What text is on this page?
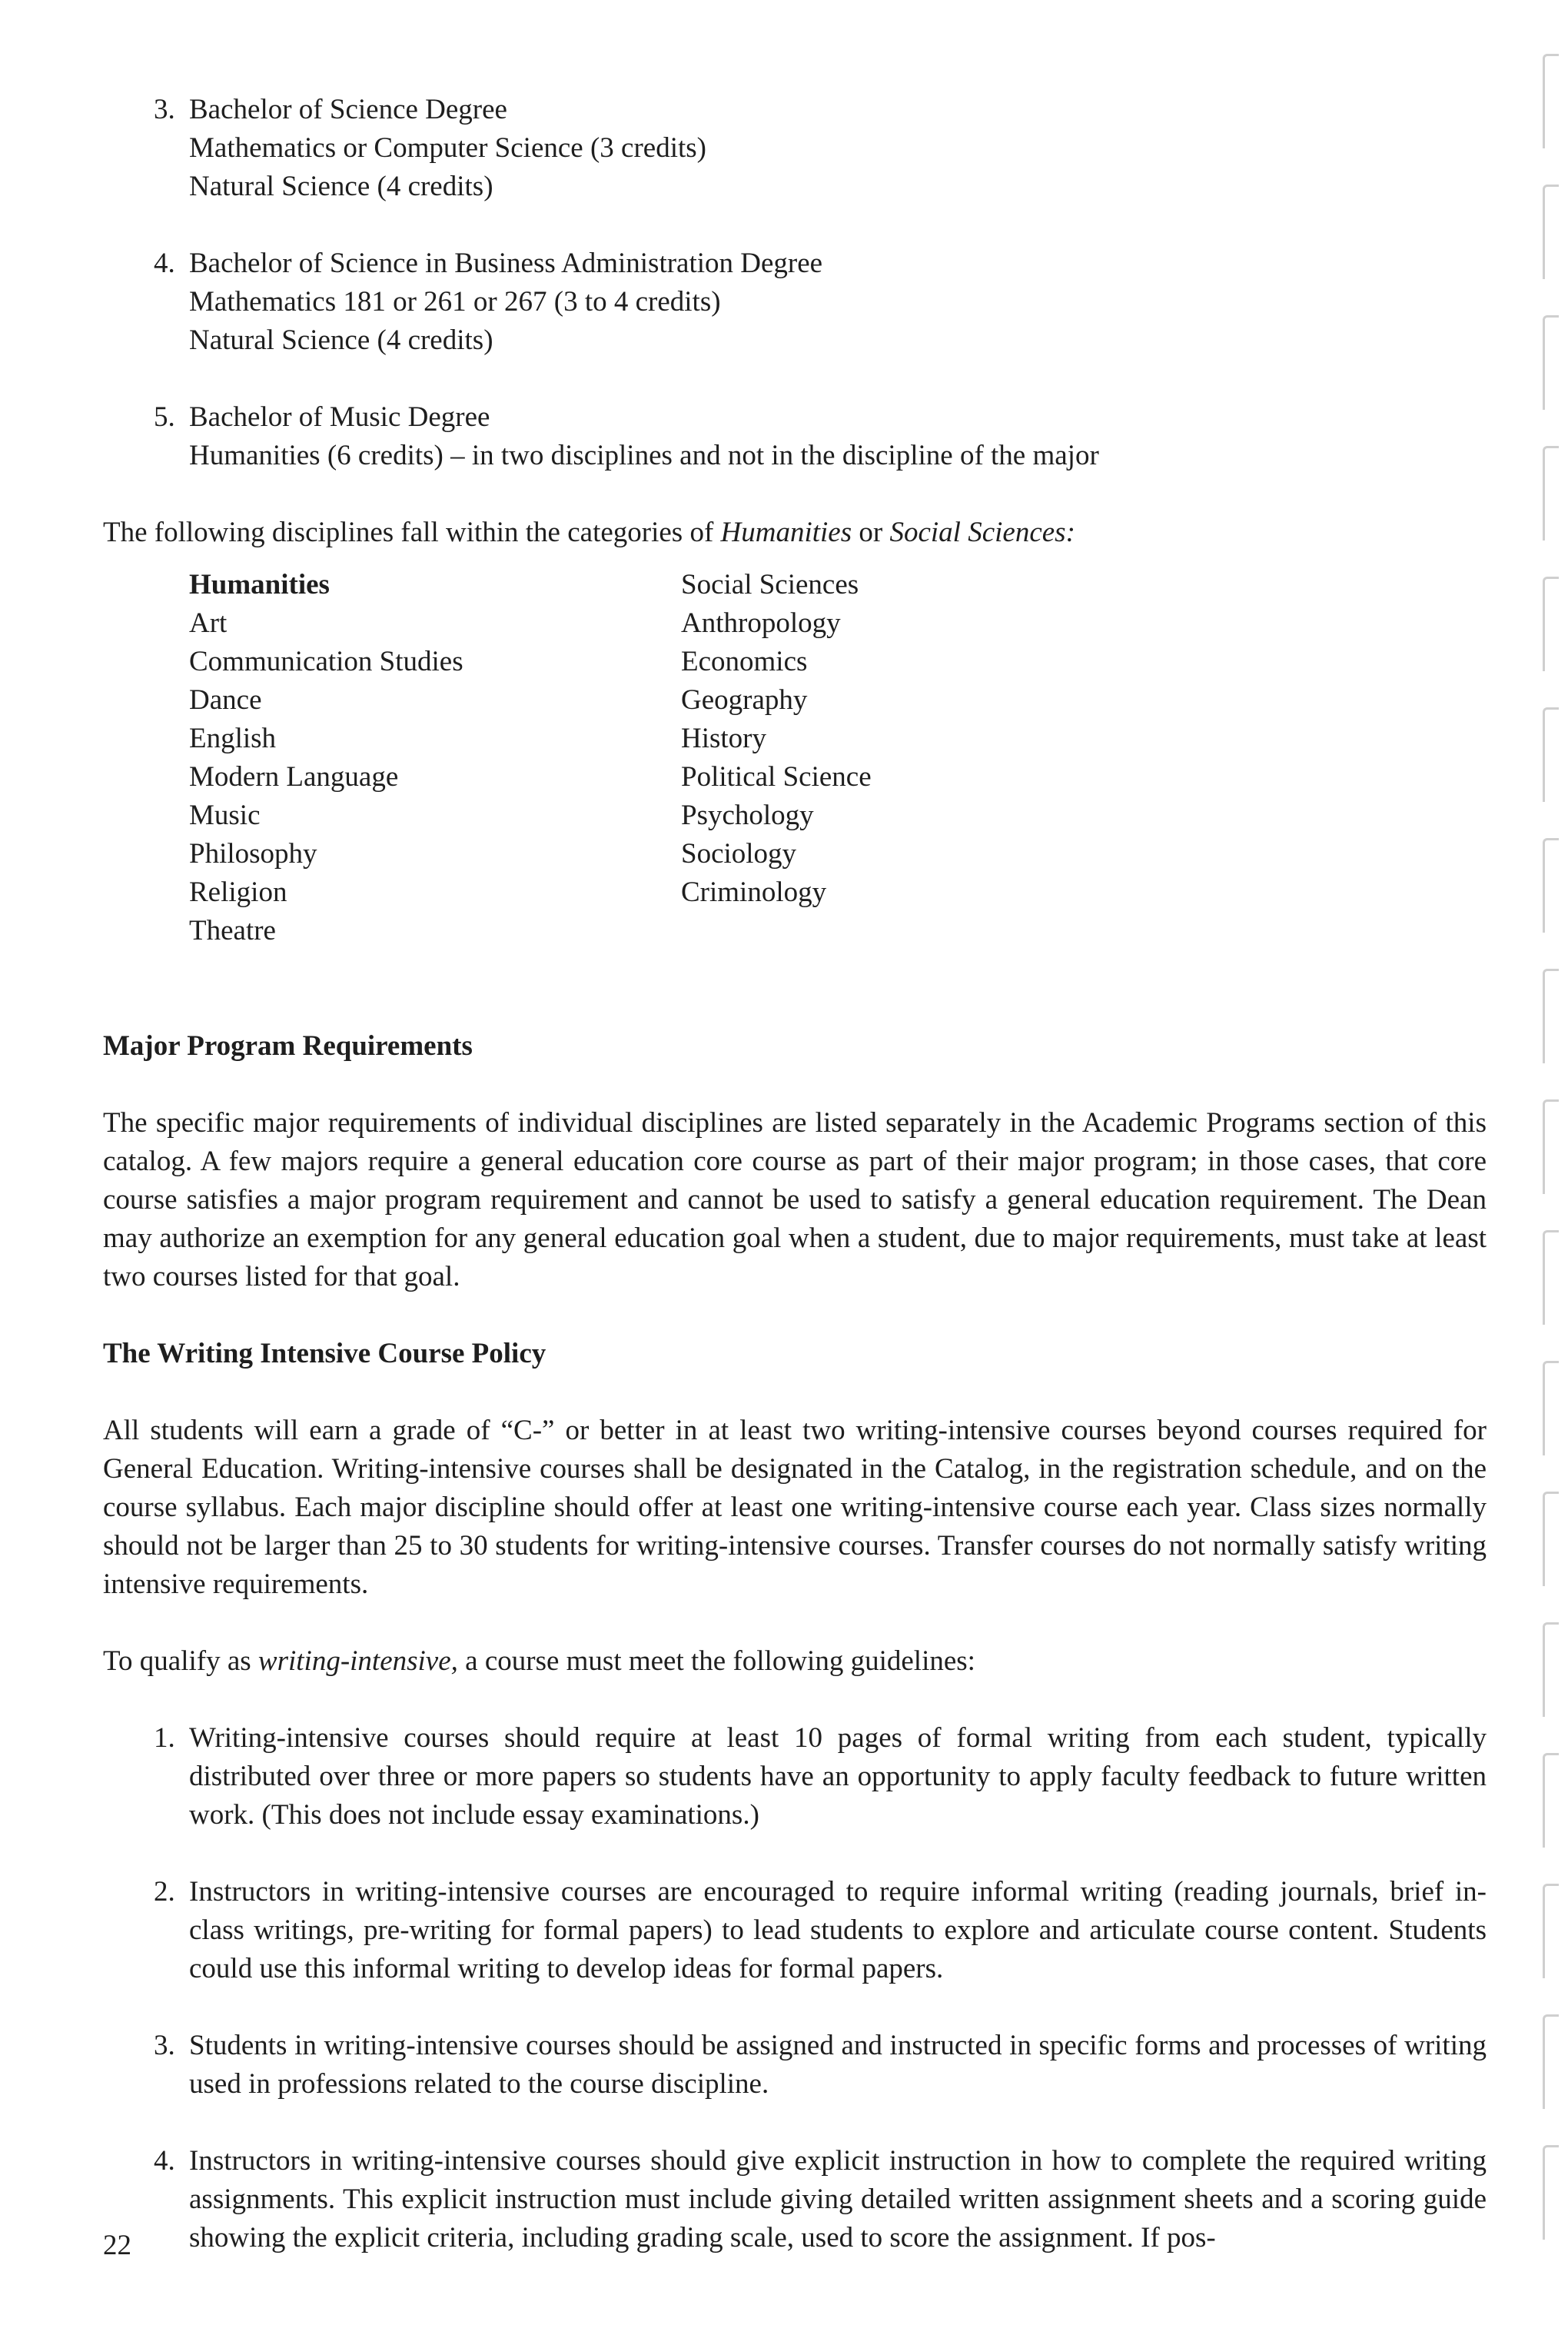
3. Bachelor of Science Degree
Mathematics or Computer Science (3 credits)
Natural Science (4 credits)
4. Bachelor of Science in Business Administration Degree
Mathematics 181 or 261 or 267 (3 to 4 credits)
Natural Science (4 credits)
5. Bachelor of Music Degree
Humanities (6 credits) – in two disciplines and not in the discipline of the major

The following disciplines fall within the categories of Humanities or Social Sciences:

Humanities
Art
Communication Studies
Dance
English
Modern Language
Music
Philosophy
Religion
Theatre
Social Sciences
Anthropology
Economics
Geography
History
Political Science
Psychology
Sociology
Criminology
Major Program Requirements

The specific major requirements of individual disciplines are listed separately in the Academic Programs section of this catalog. A few majors require a general education core course as part of their major program; in those cases, that core course satisfies a major program requirement and cannot be used to satisfy a general education requirement. The Dean may authorize an exemption for any general education goal when a student, due to major requirements, must take at least two courses listed for that goal.

The Writing Intensive Course Policy

All students will earn a grade of “C-” or better in at least two writing-intensive courses beyond courses required for General Education. Writing-intensive courses shall be designated in the Catalog, in the registration schedule, and on the course syllabus. Each major discipline should offer at least one writing-intensive course each year. Class sizes normally should not be larger than 25 to 30 students for writing-intensive courses. Transfer courses do not normally satisfy writing intensive requirements.

To qualify as writing-intensive, a course must meet the following guidelines:

1. Writing-intensive courses should require at least 10 pages of formal writing from each student, typically distributed over three or more papers so students have an opportunity to apply faculty feedback to future written work. (This does not include essay examinations.)
2. Instructors in writing-intensive courses are encouraged to require informal writing (reading journals, brief in-class writings, pre-writing for formal papers) to lead students to explore and articulate course content. Students could use this informal writing to develop ideas for formal papers.
3. Students in writing-intensive courses should be assigned and instructed in specific forms and processes of writing used in professions related to the course discipline.
4. Instructors in writing-intensive courses should give explicit instruction in how to complete the required writing assignments. This explicit instruction must include giving detailed written assignment sheets and a scoring guide showing the explicit criteria, including grading scale, used to score the assignment. If pos-
22
